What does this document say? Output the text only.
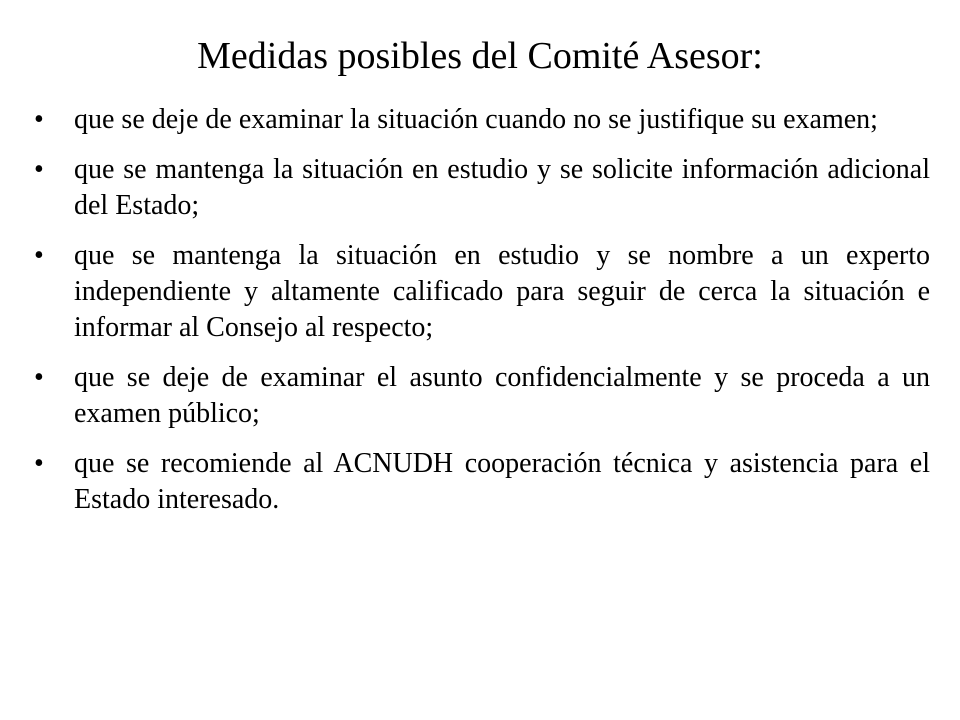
Medidas posibles del Comité Asesor:
• que se deje de examinar la situación cuando no se justifique su examen;
• que se mantenga la situación en estudio y se solicite información adicional del Estado;
• que se mantenga la situación en estudio y se nombre a un experto independiente y altamente calificado para seguir de cerca la situación e informar al Consejo al respecto;
• que se deje de examinar el asunto confidencialmente y se proceda a un examen público;
• que se recomiende al ACNUDH cooperación técnica y asistencia para el Estado interesado.
